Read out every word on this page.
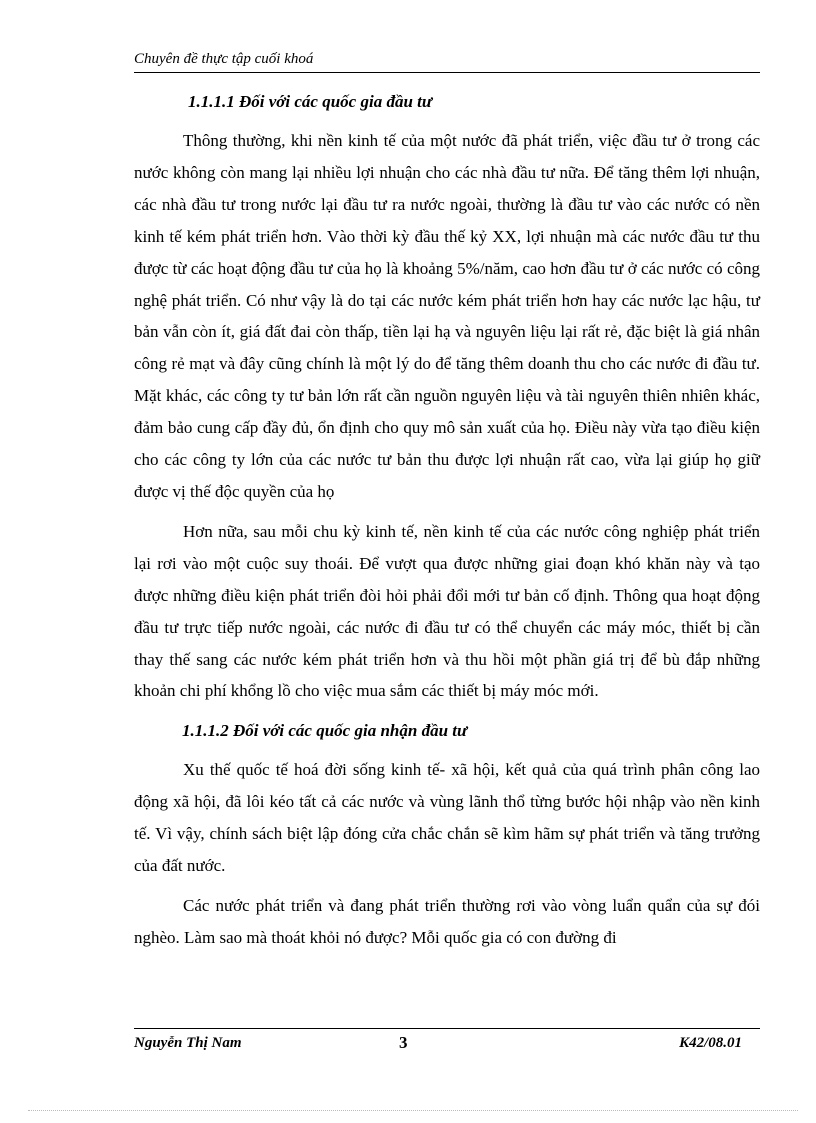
Chuyên đề thực tập cuối khoá

1.1.1.1 Đối với các quốc gia đầu tư

Thông thường, khi nền kinh tế của một nước đã phát triển, việc đầu tư ở trong các nước không còn mang lại nhiều lợi nhuận cho các nhà đầu tư nữa. Để tăng thêm lợi nhuận, các nhà đầu tư trong nước lại đầu tư ra nước ngoài, thường là đầu tư vào các nước có nền kinh tế kém phát triển hơn. Vào thời kỳ đầu thế kỷ XX, lợi nhuận mà các nước đầu tư thu được từ các hoạt động đầu tư của họ là khoảng 5%/năm, cao hơn đầu tư ở các nước có công nghệ phát triển. Có như vậy là do tại các nước kém phát triển hơn hay các nước lạc hậu, tư bản vẫn còn ít, giá đất đai còn thấp, tiền lại hạ và nguyên liệu lại rất rẻ, đặc biệt là giá nhân công rẻ mạt và đây cũng chính là một lý do để tăng thêm doanh thu cho các nước đi đầu tư. Mặt khác, các công ty tư bản lớn rất cần nguồn nguyên liệu và tài nguyên thiên nhiên khác, đảm bảo cung cấp đầy đủ, ổn định cho quy mô sản xuất của họ. Điều này vừa tạo điều kiện cho các công ty lớn của các nước tư bản thu được lợi nhuận rất cao, vừa lại giúp họ giữ được vị thế độc quyền của họ

Hơn nữa, sau mỗi chu kỳ kinh tế, nền kinh tế của các nước công nghiệp phát triển lại rơi vào một cuộc suy thoái. Để vượt qua được những giai đoạn khó khăn này và tạo được những điều kiện phát triển đòi hỏi phải đổi mới tư bản cố định. Thông qua hoạt động đầu tư trực tiếp nước ngoài, các nước đi đầu tư có thể chuyển các máy móc, thiết bị cần thay thế sang các nước kém phát triển hơn và thu hồi một phần giá trị để bù đắp những khoản chi phí khổng lồ cho việc mua sắm các thiết bị máy móc mới.

1.1.1.2 Đối với các quốc gia nhận đầu tư

Xu thế quốc tế hoá đời sống kinh tế- xã hội, kết quả của quá trình phân công lao động xã hội, đã lôi kéo tất cả các nước và vùng lãnh thổ từng bước hội nhập vào nền kinh tế. Vì vậy, chính sách biệt lập đóng cửa chắc chắn sẽ kìm hãm sự phát triển và tăng trưởng của đất nước.

Các nước phát triển và đang phát triển thường rơi vào vòng luẩn quẩn của sự đói nghèo. Làm sao mà thoát khỏi nó được? Mỗi quốc gia có con đường đi

Nguyễn Thị Nam	3	K42/08.01
